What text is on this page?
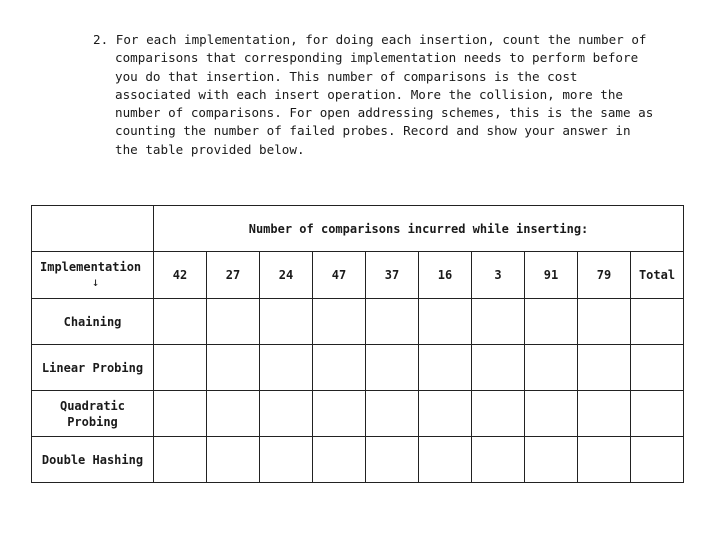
2. For each implementation, for doing each insertion, count the number of
comparisons that corresponding implementation needs to perform before
you do that insertion. This number of comparisons is the cost
associated with each insert operation. More the collision, more the
number of comparisons. For open addressing schemes, this is the same as
counting the number of failed probes. Record and show your answer in
the table provided below.
	Number of comparisons incurred while inserting:									
Implementation
↓	42	27	24	47	37	16	3	91	79	Total
Chaining										
Linear Probing										
Quadratic Probing										
Double Hashing										
